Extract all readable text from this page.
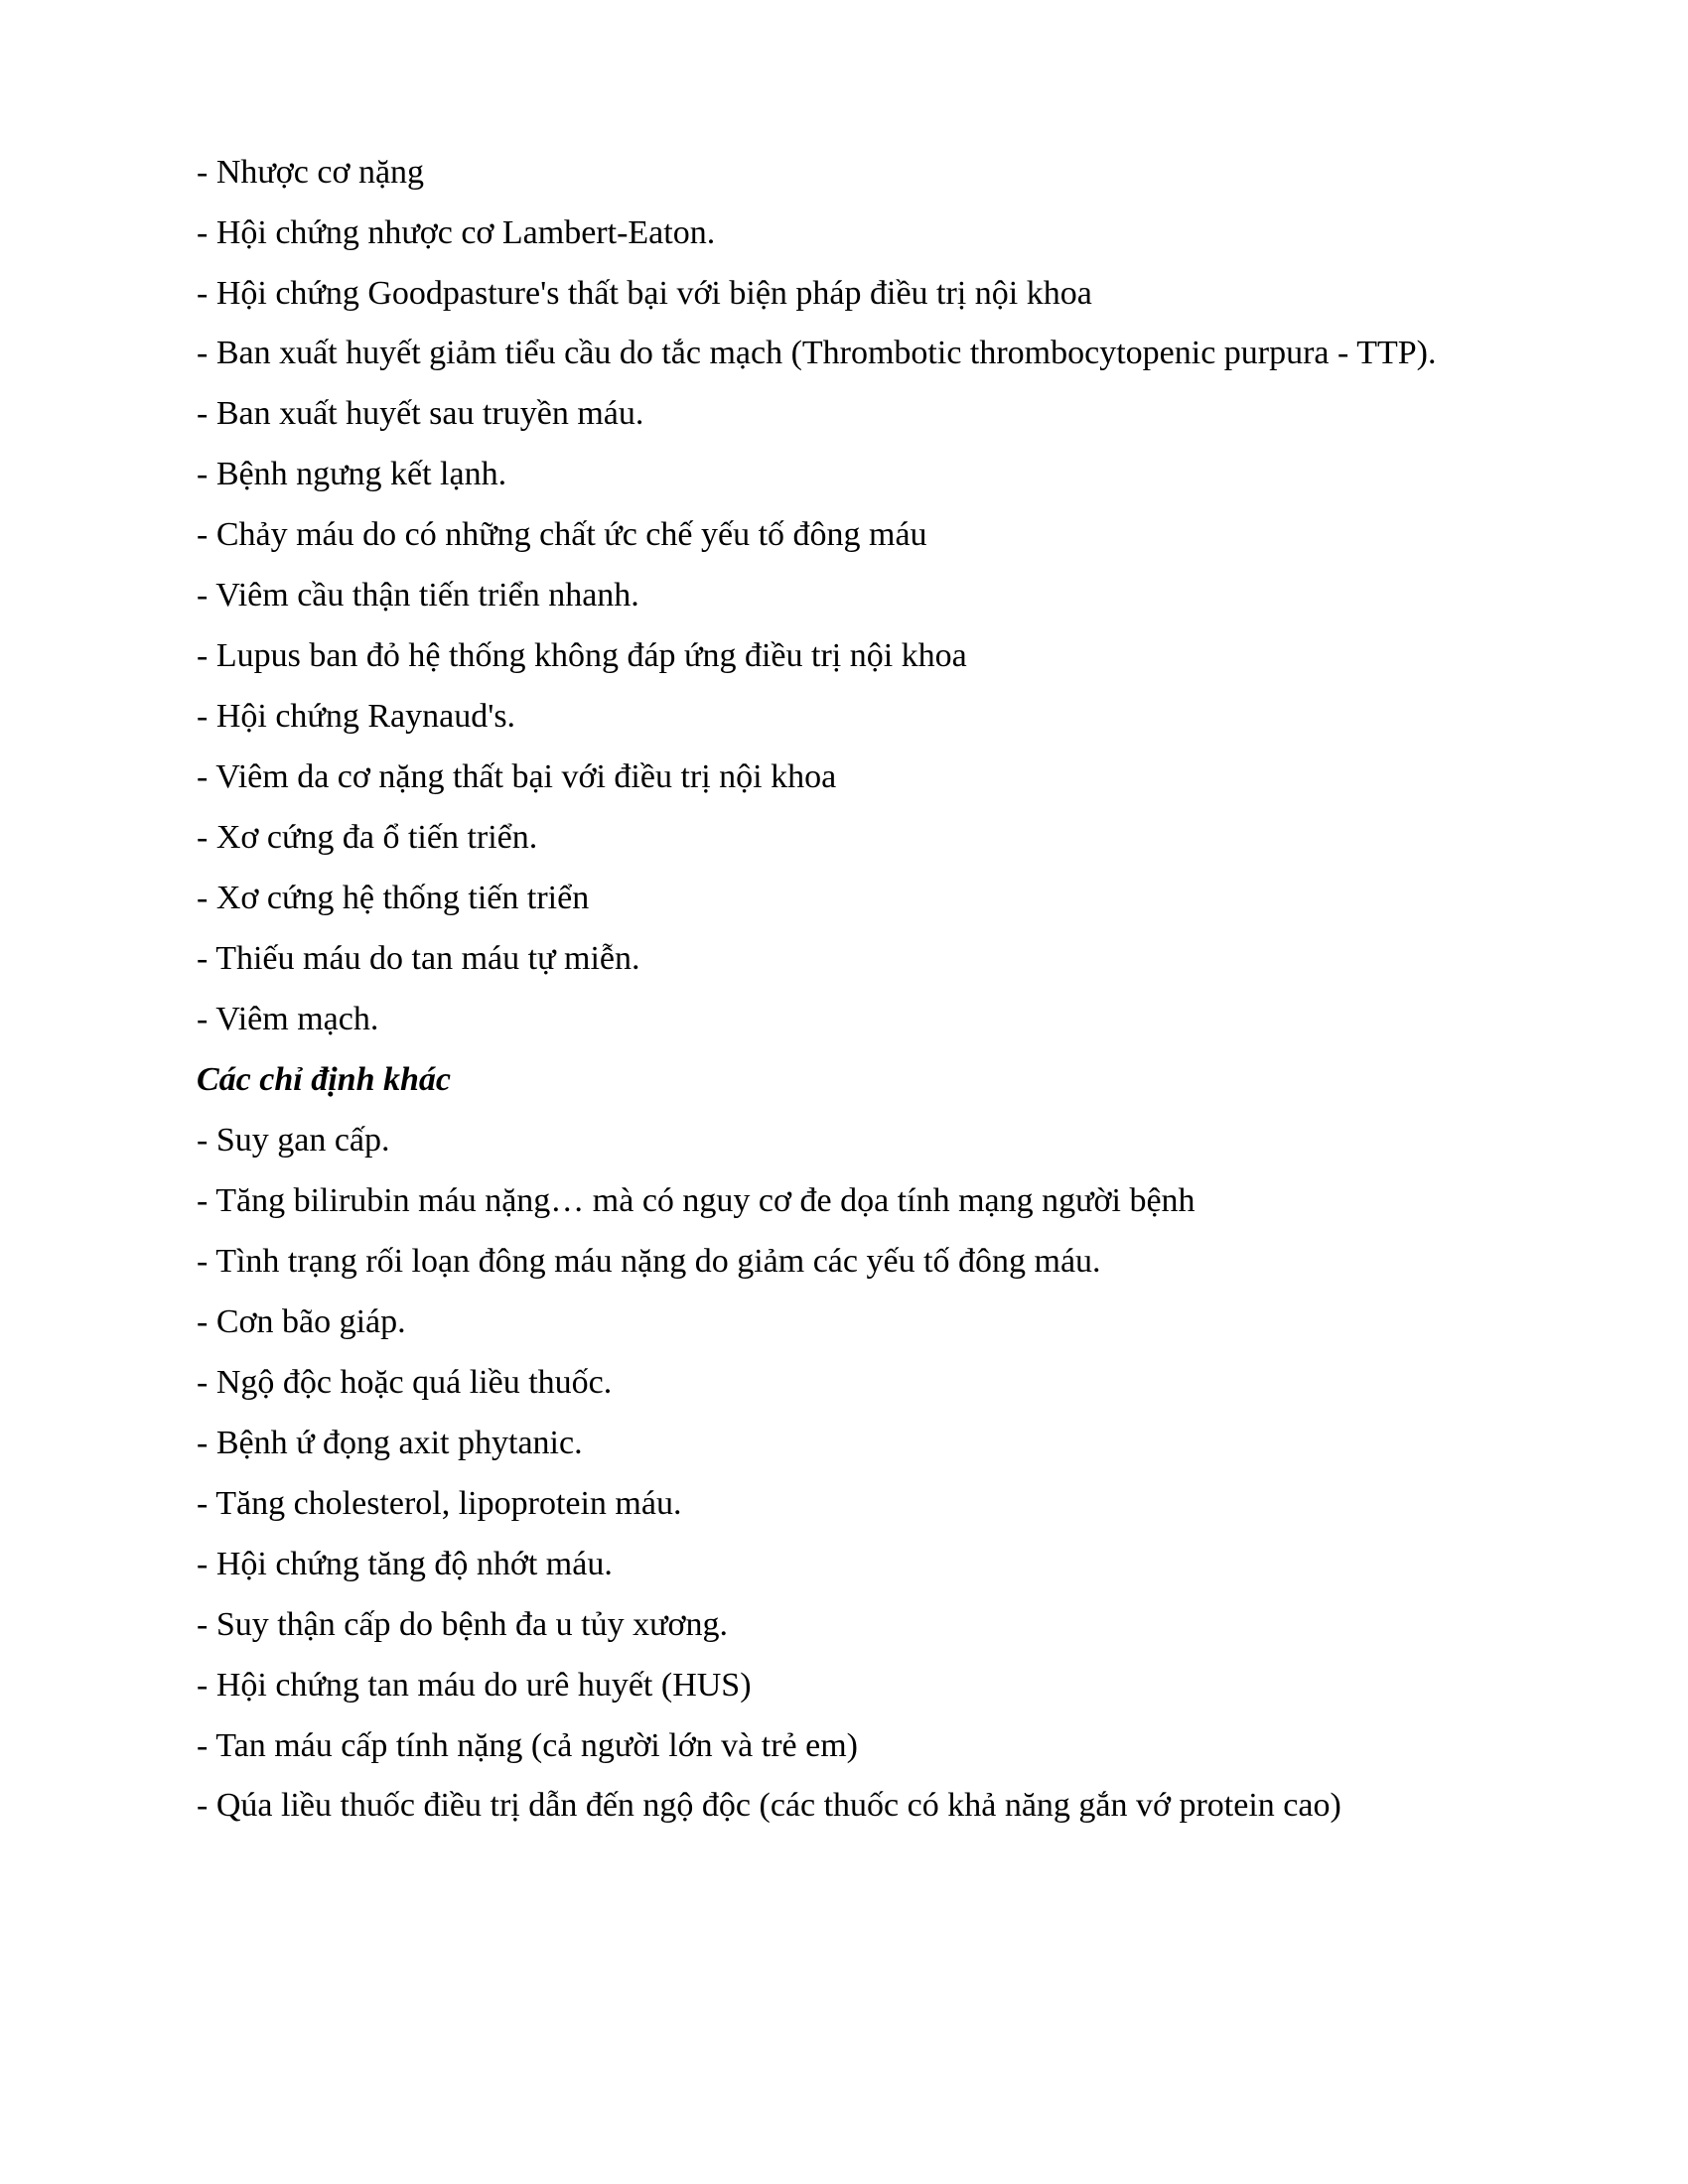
- Nhược cơ nặng
- Hội chứng nhược cơ Lambert-Eaton.
- Hội chứng Goodpasture's thất bại với biện pháp điều trị nội khoa
- Ban xuất huyết giảm tiểu cầu do tắc mạch (Thrombotic thrombocytopenic purpura - TTP).
- Ban xuất huyết sau truyền máu.
- Bệnh ngưng kết lạnh.
- Chảy máu do có những chất ức chế yếu tố đông máu
- Viêm cầu thận tiến triển nhanh.
- Lupus ban đỏ hệ thống không đáp ứng điều trị nội khoa
- Hội chứng Raynaud's.
- Viêm da cơ nặng thất bại với điều trị nội khoa
- Xơ cứng đa ổ tiến triển.
- Xơ cứng hệ thống tiến triển
- Thiếu máu do tan máu tự miễn.
- Viêm mạch.
Các chỉ định khác
- Suy gan cấp.
- Tăng bilirubin máu nặng… mà có nguy cơ đe dọa tính mạng người bệnh
- Tình trạng rối loạn đông máu nặng do giảm các yếu tố đông máu.
- Cơn bão giáp.
- Ngộ độc hoặc quá liều thuốc.
- Bệnh ứ đọng axit phytanic.
- Tăng cholesterol, lipoprotein máu.
- Hội chứng tăng độ nhớt máu.
- Suy thận cấp do bệnh đa u tủy xương.
- Hội chứng tan máu do urê huyết (HUS)
- Tan máu cấp tính nặng (cả người lớn và trẻ em)
- Qúa liều thuốc điều trị dẫn đến ngộ độc (các thuốc có khả năng gắn vớ protein cao)
